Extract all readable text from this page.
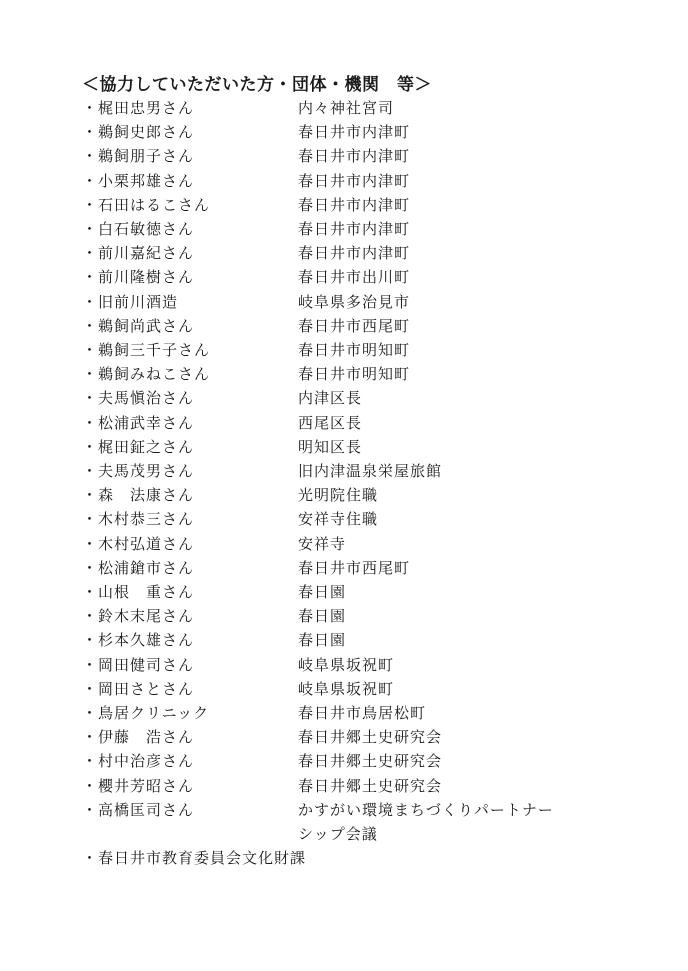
＜協力していただいた方・団体・機関　等＞
・梶田忠男さん	内々神社宮司
・鵜飼史郎さん	春日井市内津町
・鵜飼朋子さん	春日井市内津町
・小栗邦雄さん	春日井市内津町
・石田はるこさん	春日井市内津町
・白石敏徳さん	春日井市内津町
・前川嘉紀さん	春日井市内津町
・前川隆樹さん	春日井市出川町
・旧前川酒造	岐阜県多治見市
・鵜飼尚武さん	春日井市西尾町
・鵜飼三千子さん	春日井市明知町
・鵜飼みねこさん	春日井市明知町
・夫馬愼治さん	内津区長
・松浦武幸さん	西尾区長
・梶田鉦之さん	明知区長
・夫馬茂男さん	旧内津温泉栄屋旅館
・森　法康さん	光明院住職
・木村恭三さん	安祥寺住職
・木村弘道さん	安祥寺
・松浦鎗市さん	春日井市西尾町
・山根　重さん	春日園
・鈴木末尾さん	春日園
・杉本久雄さん	春日園
・岡田健司さん	岐阜県坂祝町
・岡田さとさん	岐阜県坂祝町
・鳥居クリニック	春日井市鳥居松町
・伊藤　浩さん	春日井郷土史研究会
・村中治彦さん	春日井郷土史研究会
・櫻井芳昭さん	春日井郷土史研究会
・高橋匡司さん	かすがい環境まちづくりパートナー
シップ会議
・春日井市教育委員会文化財課
